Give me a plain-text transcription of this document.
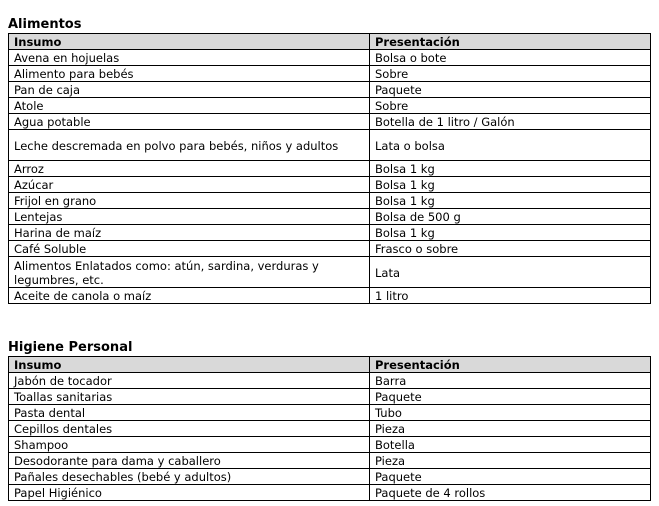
Alimentos
Insumo	Presentación
Avena en hojuelas	Bolsa o bote
Alimento para bebés	Sobre
Pan de caja	Paquete
Atole	Sobre
Agua potable	Botella de 1 litro / Galón
Leche descremada en polvo para bebés, niños y adultos	Lata o bolsa
Arroz	Bolsa 1 kg
Azúcar	Bolsa 1 kg
Frijol en grano	Bolsa 1 kg
Lentejas	Bolsa de 500 g
Harina de maíz	Bolsa 1 kg
Café Soluble	Frasco o sobre
Alimentos Enlatados como: atún, sardina, verduras y legumbres, etc.	Lata
Aceite de canola o maíz	1 litro
Higiene Personal
Insumo	Presentación
Jabón de tocador	Barra
Toallas sanitarias	Paquete
Pasta dental	Tubo
Cepillos dentales	Pieza
Shampoo	Botella
Desodorante para dama y caballero	Pieza
Pañales desechables (bebé y adultos)	Paquete
Papel Higiénico	Paquete de 4 rollos
